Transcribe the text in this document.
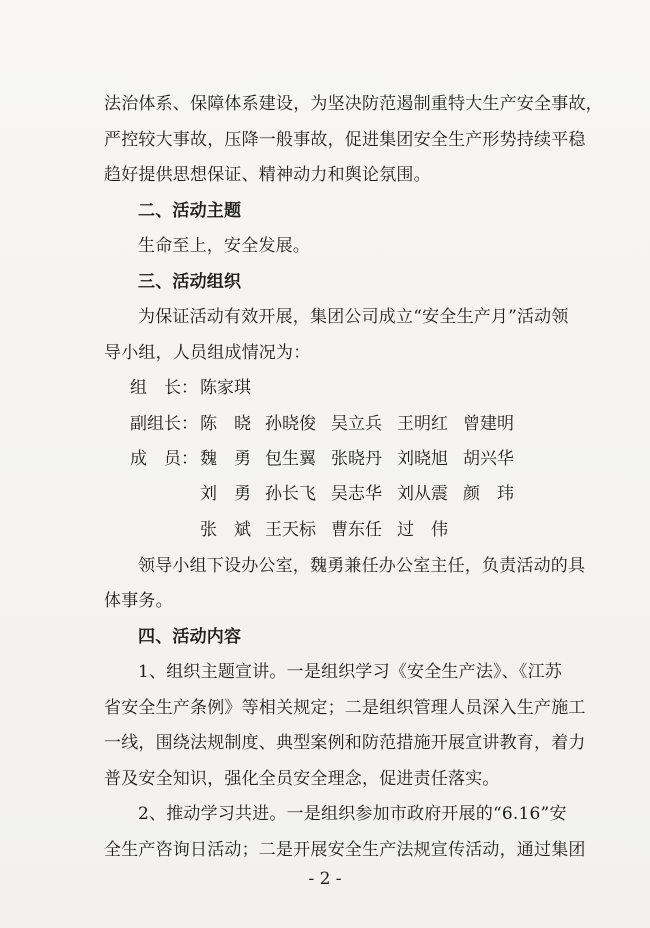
法治体系、保障体系建设，为坚决防范遏制重特大生产安全事故，
严控较大事故，压降一般事故，促进集团安全生产形势持续平稳
趋好提供思想保证、精神动力和舆论氛围。
二、活动主题
生命至上，安全发展。
三、活动组织
为保证活动有效开展，集团公司成立“安全生产月”活动领
导小组，人员组成情况为：
组　长： 陈家琪
副组长： 陈　晓 孙晓俊 吴立兵 王明红 曾建明
成　员： 魏　勇 包生翼 张晓丹 刘晓旭 胡兴华
刘　勇 孙长飞 吴志华 刘从震 颜　玮
张　斌 王天标 曹东任 过　伟
领导小组下设办公室，魏勇兼任办公室主任，负责活动的具
体事务。
四、活动内容
1、组织主题宣讲。一是组织学习《安全生产法》、《江苏
省安全生产条例》等相关规定；二是组织管理人员深入生产施工
一线，围绕法规制度、典型案例和防范措施开展宣讲教育，着力
普及安全知识，强化全员安全理念，促进责任落实。
2、推动学习共进。一是组织参加市政府开展的“6.16”安
全生产咨询日活动；二是开展安全生产法规宣传活动，通过集团
- 2 -
